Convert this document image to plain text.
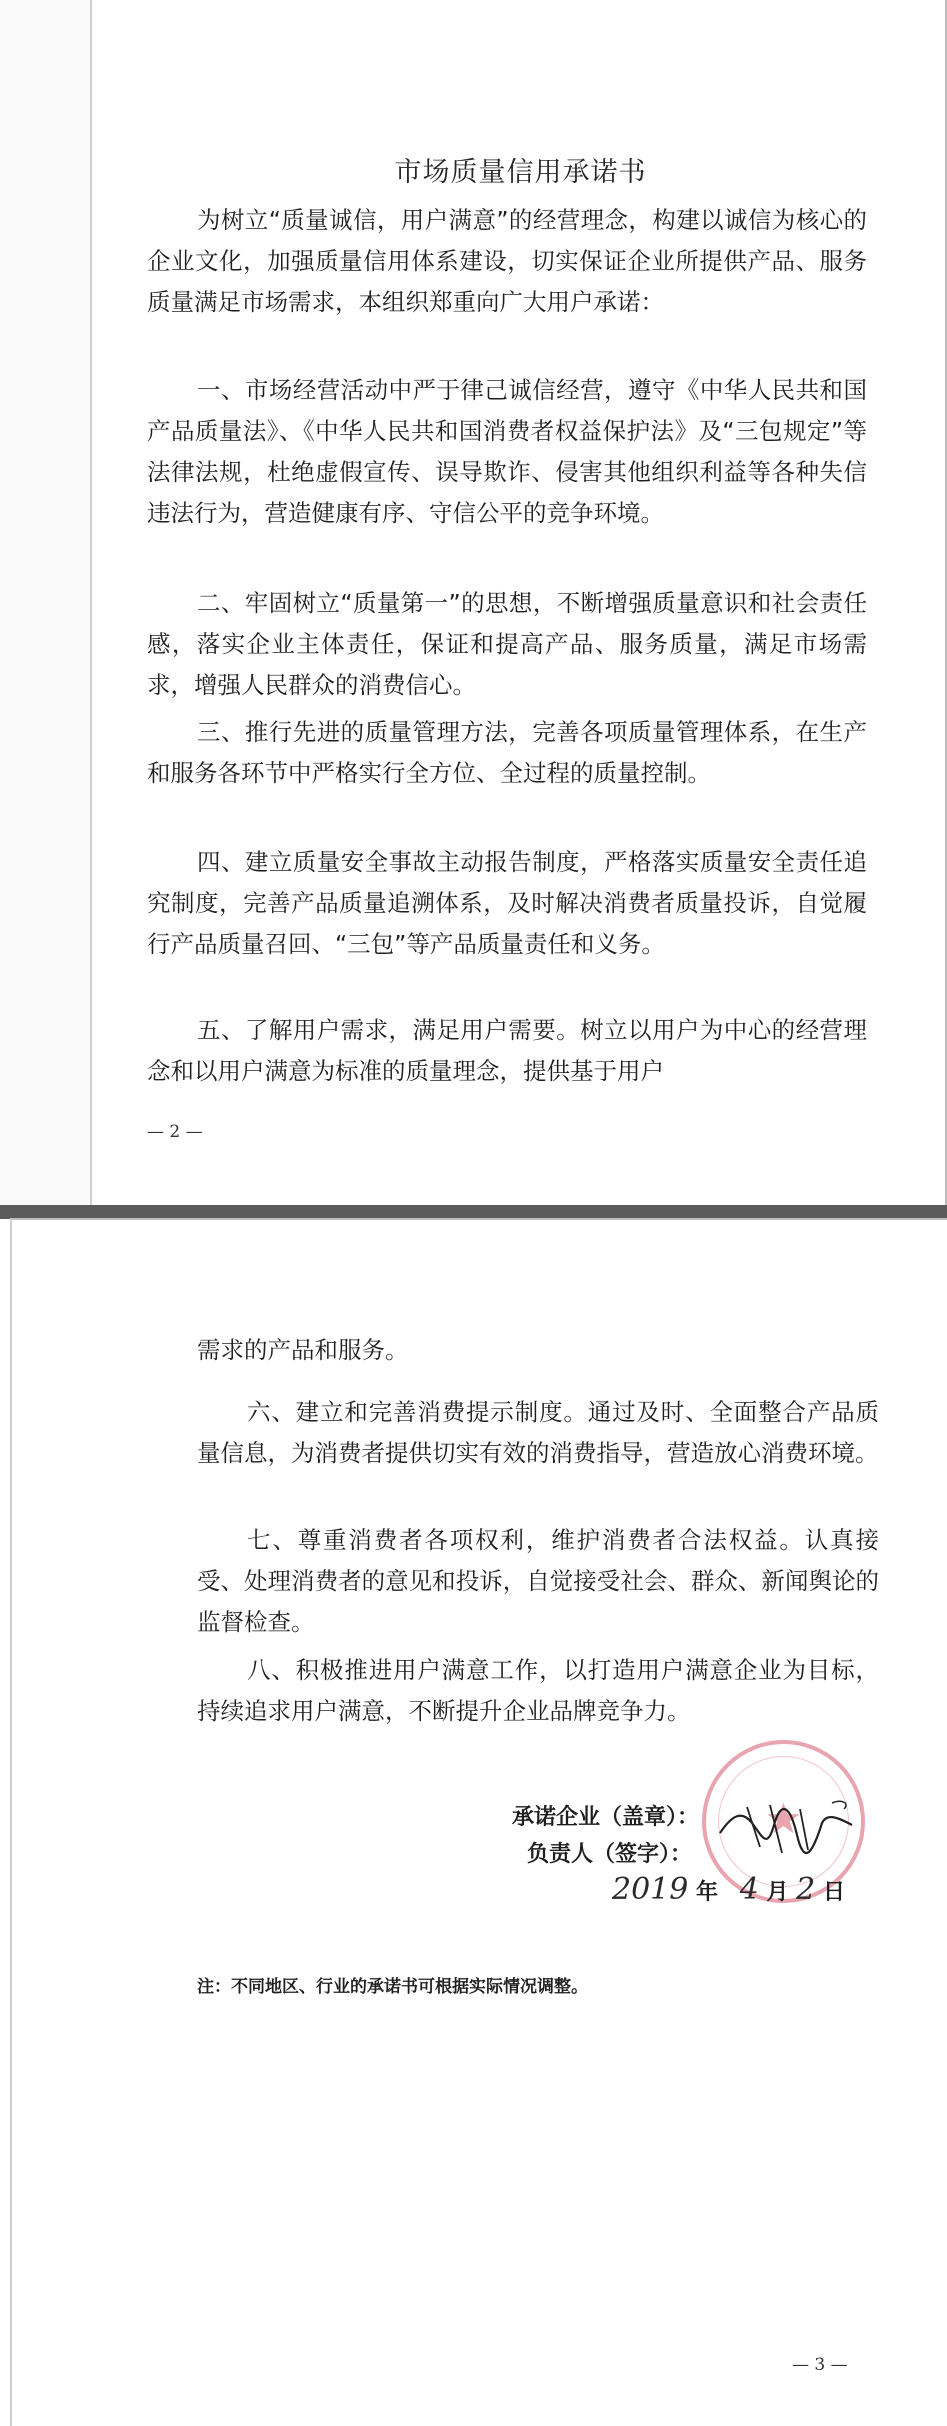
市场质量信用承诺书

为树立“质量诚信，用户满意”的经营理念，构建以诚信为核心的企业文化，加强质量信用体系建设，切实保证企业所提供产品、服务质量满足市场需求，本组织郑重向广大用户承诺：

一、市场经营活动中严于律己诚信经营，遵守《中华人民共和国产品质量法》、《中华人民共和国消费者权益保护法》及“三包规定”等法律法规，杜绝虚假宣传、误导欺诈、侵害其他组织利益等各种失信违法行为，营造健康有序、守信公平的竞争环境。

二、牢固树立“质量第一”的思想，不断增强质量意识和社会责任感，落实企业主体责任，保证和提高产品、服务质量，满足市场需求，增强人民群众的消费信心。

三、推行先进的质量管理方法，完善各项质量管理体系，在生产和服务各环节中严格实行全方位、全过程的质量控制。

四、建立质量安全事故主动报告制度，严格落实质量安全责任追究制度，完善产品质量追溯体系，及时解决消费者质量投诉，自觉履行产品质量召回、“三包”等产品质量责任和义务。

五、了解用户需求，满足用户需要。树立以用户为中心的经营理念和以用户满意为标准的质量理念，提供基于用户

— 2 —

需求的产品和服务。

六、建立和完善消费提示制度。通过及时、全面整合产品质量信息，为消费者提供切实有效的消费指导，营造放心消费环境。

七、尊重消费者各项权利，维护消费者合法权益。认真接受、处理消费者的意见和投诉，自觉接受社会、群众、新闻舆论的监督检查。

八、积极推进用户满意工作，以打造用户满意企业为目标，持续追求用户满意，不断提升企业品牌竞争力。

★
承诺企业（盖章）：
负责人（签字）：
2019 年 4 月 2 日
注：不同地区、行业的承诺书可根据实际情况调整。
— 3 —
